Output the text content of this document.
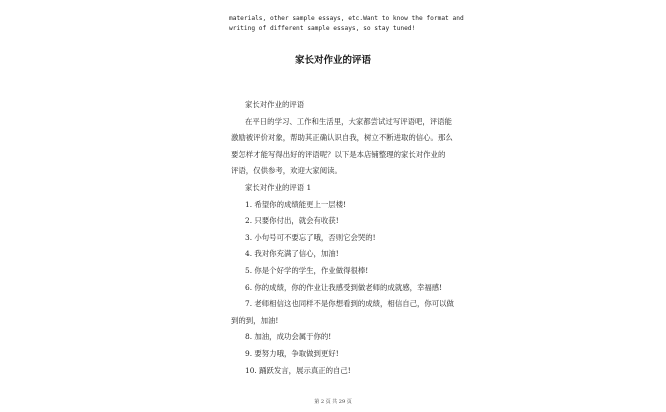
materials, other sample essays, etc.Want to know the format and
writing of different sample essays, so stay tuned!
家长对作业的评语

家长对作业的评语

在平日的学习、工作和生活里，大家都尝试过写评语吧，评语能

激励被评价对象，帮助其正确认识自我，树立不断进取的信心。那么

要怎样才能写得出好的评语呢？以下是本店铺整理的家长对作业的

评语，仅供参考，欢迎大家阅读。

家长对作业的评语 1

1. 希望你的成绩能更上一层楼!

2. 只要你付出，就会有收获!

3. 小句号可不要忘了哦，否则它会哭的!

4. 我对你充满了信心，加油!

5. 你是个好学的学生，作业做得很棒!

6. 你的成绩，你的作业让我感受到做老师的成就感，幸福感!

7. 老师相信这也同样不是你想看到的成绩，相信自己，你可以做

到的到，加油!

8. 加油，成功会属于你的!

9. 要努力哦，争取做到更好!

10. 踊跃发言，展示真正的自己!

第 2 页 共 29 页
